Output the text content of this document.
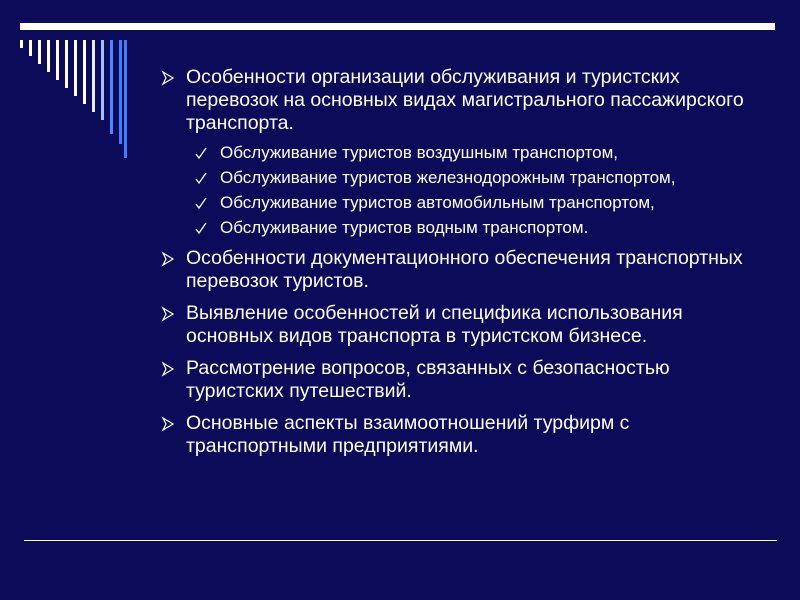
Особенности организации обслуживания и туристских перевозок на основных видах магистрального пассажирского транспорта.
Обслуживание туристов воздушным транспортом,
Обслуживание туристов железнодорожным транспортом,
Обслуживание туристов автомобильным транспортом,
Обслуживание туристов водным транспортом.
Особенности документационного обеспечения транспортных перевозок туристов.
Выявление особенностей и специфика использования основных видов транспорта в туристском бизнесе.
Рассмотрение вопросов, связанных с безопасностью туристских путешествий.
Основные аспекты взаимоотношений турфирм с транспортными предприятиями.
